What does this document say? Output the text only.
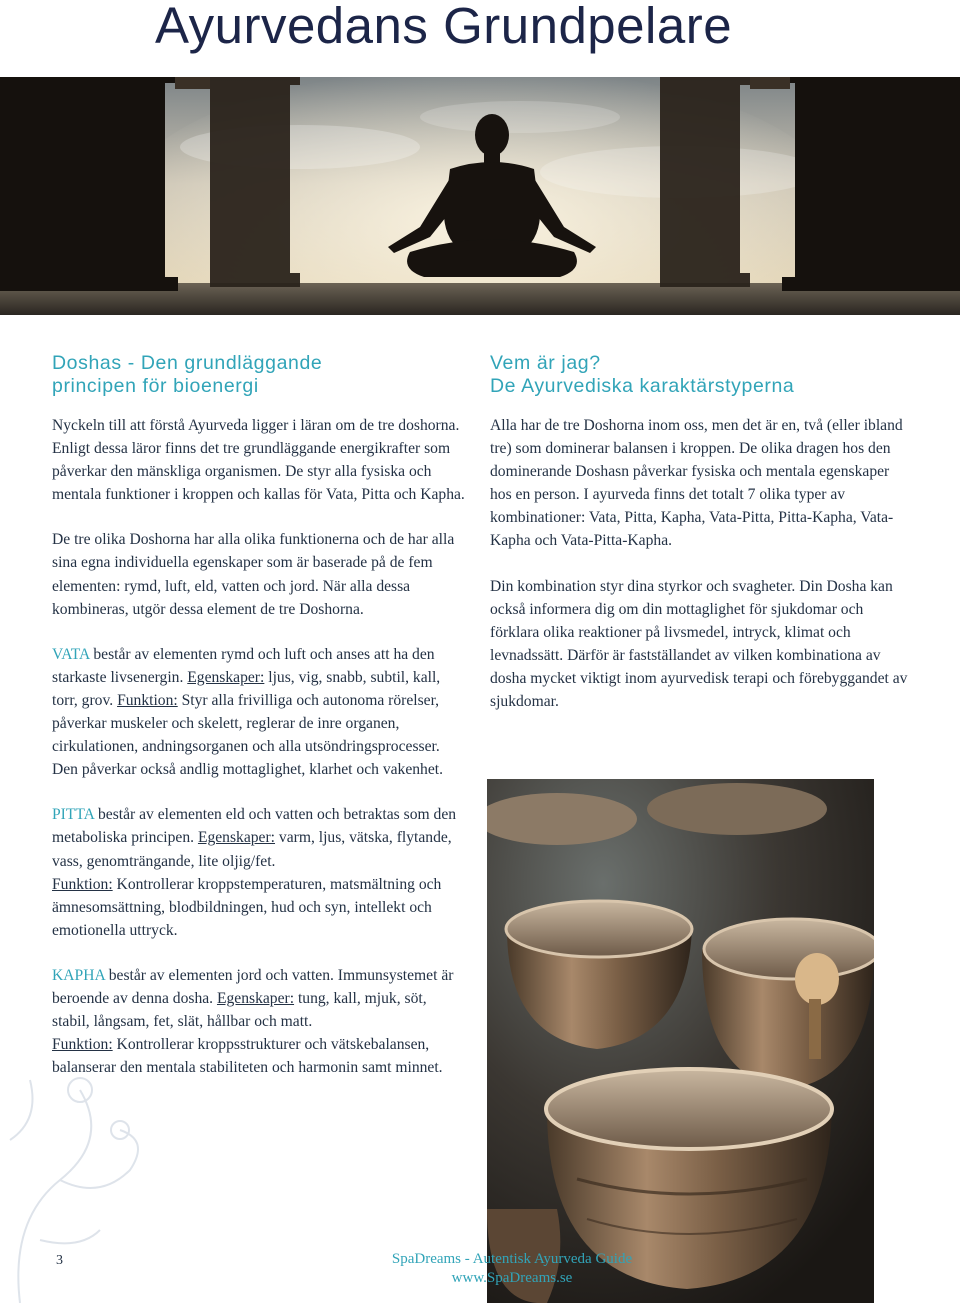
Ayurvedans Grundpelare
Doshas - Den grundläggande
principen för bioenergi

Nyckeln till att förstå Ayurveda ligger i läran om de tre doshorna. Enligt dessa läror finns det tre grundläggande energikrafter som påverkar den mänskliga organismen. De styr alla fysiska och mentala funktioner i kroppen och kallas för Vata, Pitta och Kapha.

De tre olika Doshorna har alla olika funktionerna och de har alla sina egna individuella egenskaper som är baserade på de fem elementen: rymd, luft, eld, vatten och jord. När alla dessa kombineras, utgör dessa element de tre Doshorna.

VATA består av elementen rymd och luft och anses att ha den starkaste livsenergin. Egenskaper: ljus, vig, snabb, subtil, kall, torr, grov. Funktion: Styr alla frivilliga och autonoma rörelser, påverkar muskeler och skelett, reglerar de inre organen, cirkulationen, andningsorganen och alla utsöndringsprocesser. Den påverkar också andlig mottaglighet, klarhet och vakenhet.

PITTA består av elementen eld och vatten och betraktas som den metaboliska principen. Egenskaper: varm, ljus, vätska, flytande, vass, genomträngande, lite oljig/fet.
Funktion: Kontrollerar kroppstemperaturen, matsmältning och ämnesomsättning, blodbildningen, hud och syn, intellekt och emotionella uttryck.

KAPHA består av elementen jord och vatten. Immunsystemet är beroende av denna dosha. Egenskaper: tung, kall, mjuk, söt, stabil, långsam, fet, slät, hållbar och matt.
Funktion: Kontrollerar kroppsstrukturer och vätskebalansen, balanserar den mentala stabiliteten och harmonin samt minnet.

Vem är jag?
De Ayurvediska karaktärstyperna

Alla har de tre Doshorna inom oss, men det är en, två (eller ibland tre) som dominerar balansen i kroppen. De olika dragen hos den dominerande Doshasn påverkar fysiska och mentala egenskaper hos en person. I ayurveda finns det totalt 7 olika typer av kombinationer: Vata, Pitta, Kapha, Vata-Pitta, Pitta-Kapha, Vata-Kapha och Vata-Pitta-Kapha.

Din kombination styr dina styrkor och svagheter. Din Dosha kan också informera dig om din mottaglighet för sjukdomar och förklara olika reaktioner på livsmedel, intryck, klimat och levnadssätt. Därför är fastställandet av vilken kombinationa av dosha mycket viktigt inom ayurvedisk terapi och förebyggandet av sjukdomar.

3	SpaDreams - Autentisk Ayurveda Guide
www.SpaDreams.se
